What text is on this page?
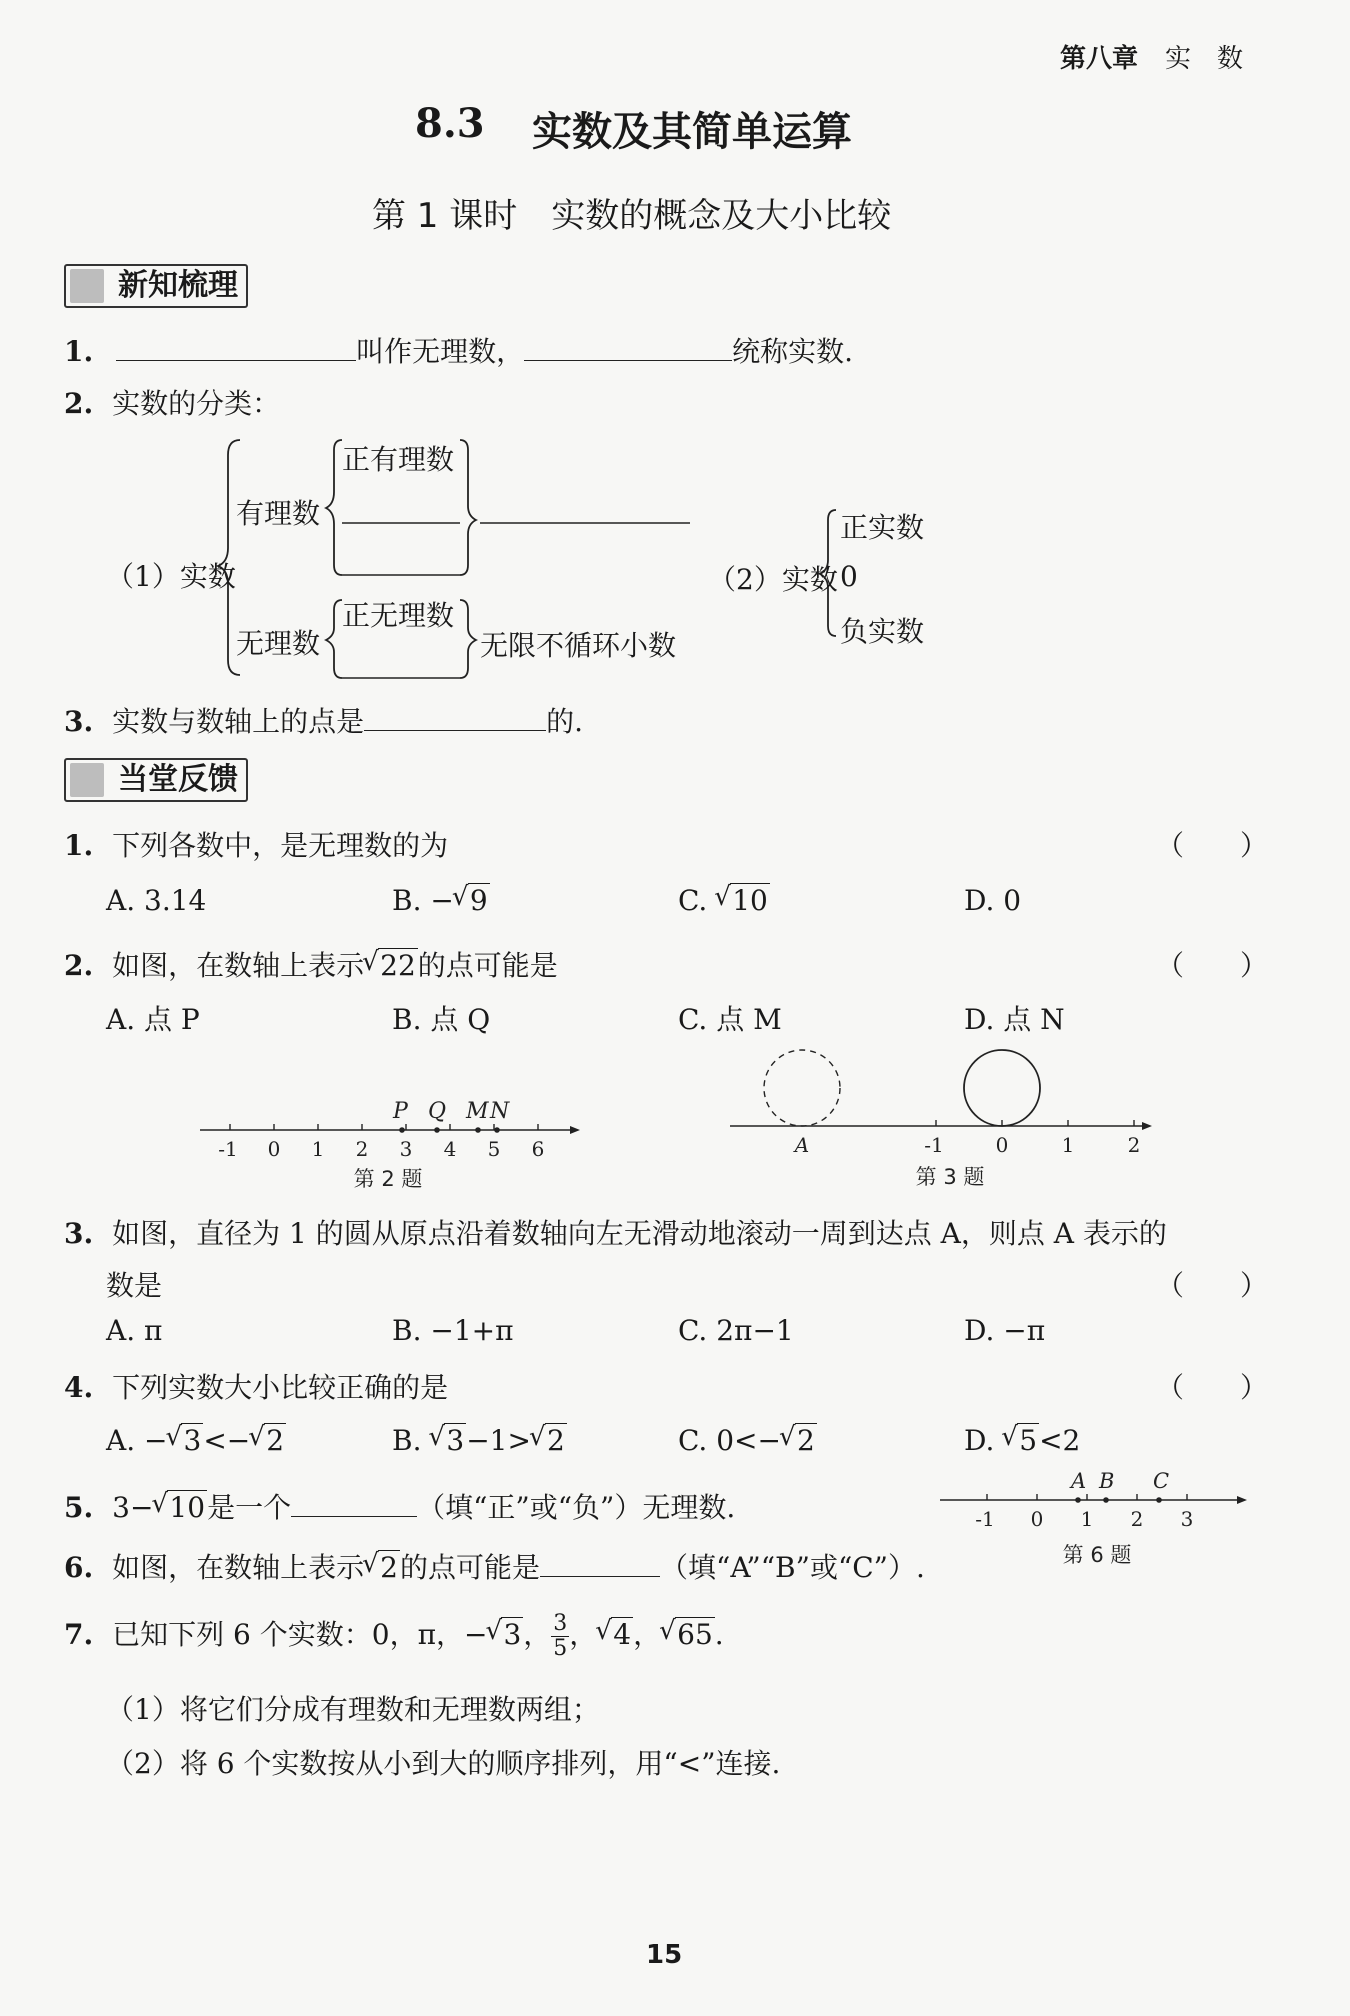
第八章 实　数
8.3 实数及其简单运算
第 1 课时　实数的概念及大小比较
新知梳理
1.	叫作无理数，	统称实数.
2. 实数的分类：
（1）实数
有理数
正有理数
无理数
正无理数
无限不循环小数
（2）实数
正实数
0
负实数
3. 实数与数轴上的点是	的.
当堂反馈
1. 下列各数中，是无理数的为	（　　）
A. 3.14	B. − √ 9	C. √ 10	D. 0
2. 如图，在数轴上表示 √ 22的点可能是	（　　）
A. 点 P	B. 点 Q	C. 点 M	D. 点 N
P Q M N
-1 0 1 2 3 4 5 6
第 2 题
-1	0	1	2
A
第 3 题
3. 如图，直径为 1 的圆从原点沿着数轴向左无滑动地滚动一周到达点 A，则点 A 表示的
数是	（　　）
A. π	B. −1+π	C. 2π−1	D. −π
4. 下列实数大小比较正确的是	（　　）
A. − √ 3<− √ 2	B. √ 3−1> √ 2	C. 0<− √ 2	D. √ 5<2
5. 3− √ 10是一个	（填“正”或“负”）无理数.
6. 如图，在数轴上表示 √ 2的点可能是	（填“A”“B”或“C”）.
A B C
-1 0 1 2 3
第 6 题
7. 已知下列 6 个实数：0，π，− √ 3， $\frac{3}{5}$ ， √ 4， √ 65.
（1）将它们分成有理数和无理数两组；
（2）将 6 个实数按从小到大的顺序排列，用“<”连接.
15
